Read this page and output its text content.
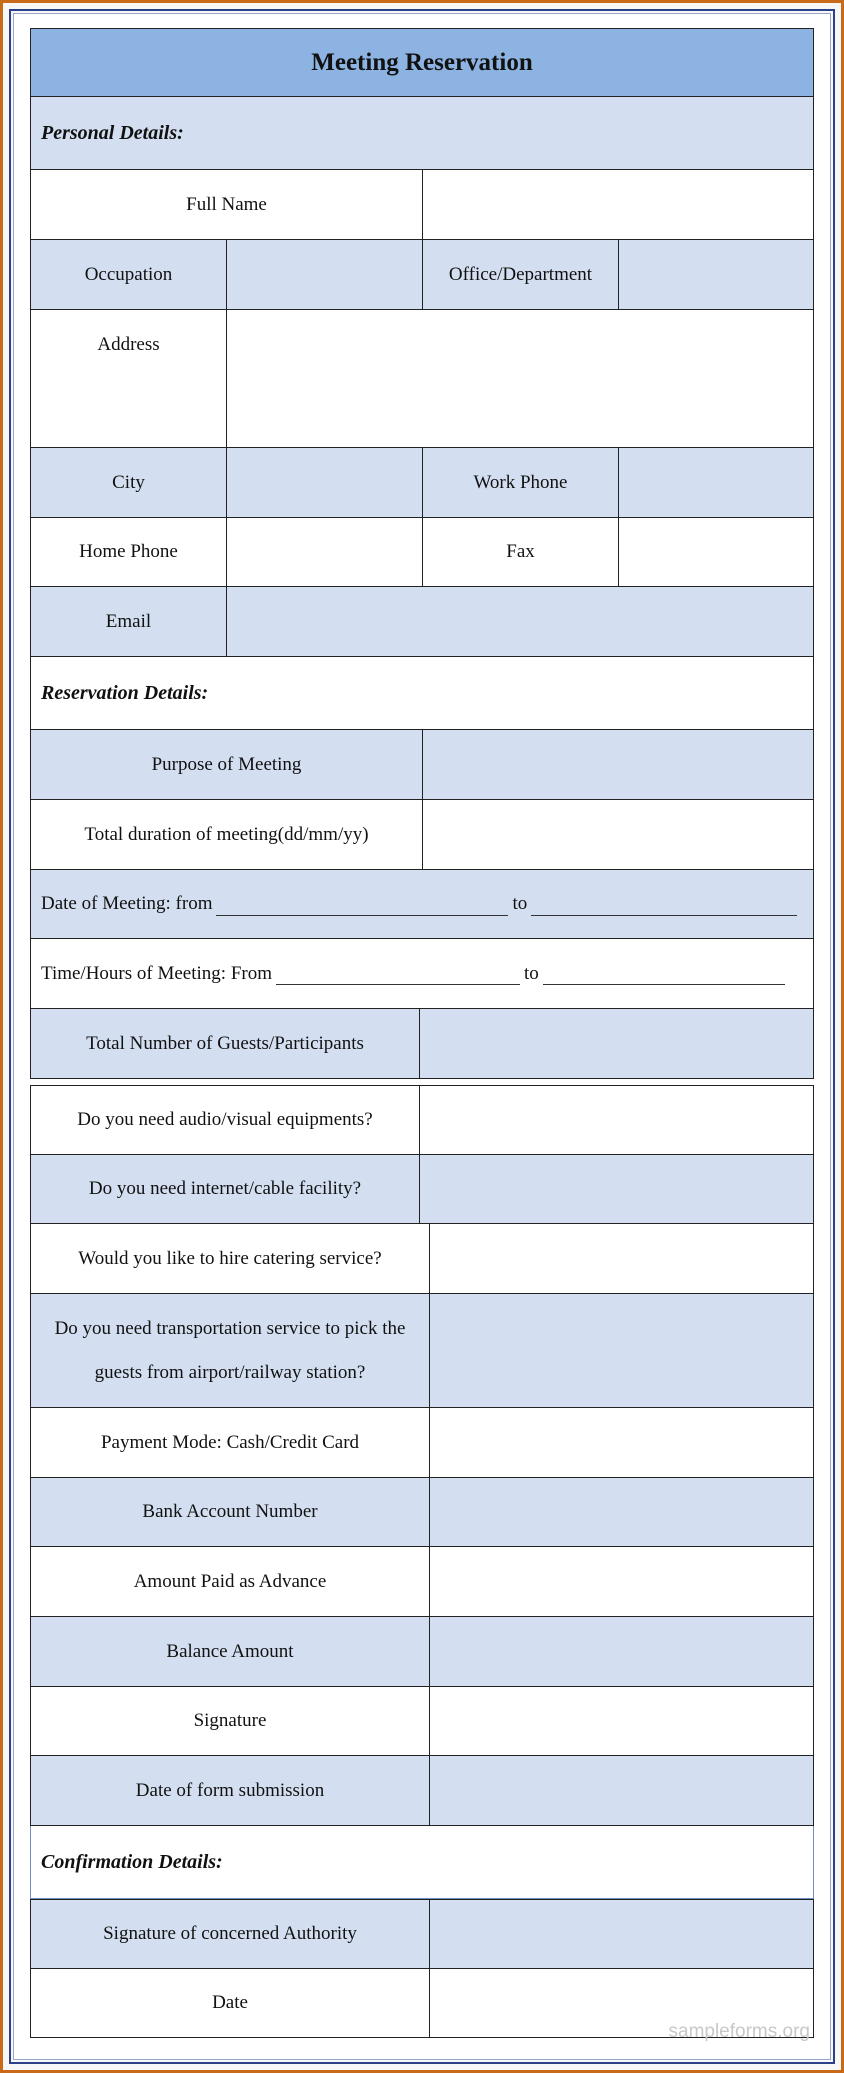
Meeting Reservation
Personal Details:
Full Name
Occupation	Office/Department
Address
City	Work Phone
Home Phone	Fax
Email
Reservation Details:
Purpose of Meeting
Total duration of meeting(dd/mm/yy)
Date of Meeting: from	to
Time/Hours of Meeting: From	to
Total Number of Guests/Participants
Do you need audio/visual equipments?
Do you need internet/cable facility?
Would you like to hire catering service?
Do you need transportation service to pick the
guests from airport/railway station?
Payment Mode: Cash/Credit Card
Bank Account Number
Amount Paid as Advance
Balance Amount
Signature
Date of form submission
Confirmation Details:
Signature of concerned Authority
Date
sampleforms.org
